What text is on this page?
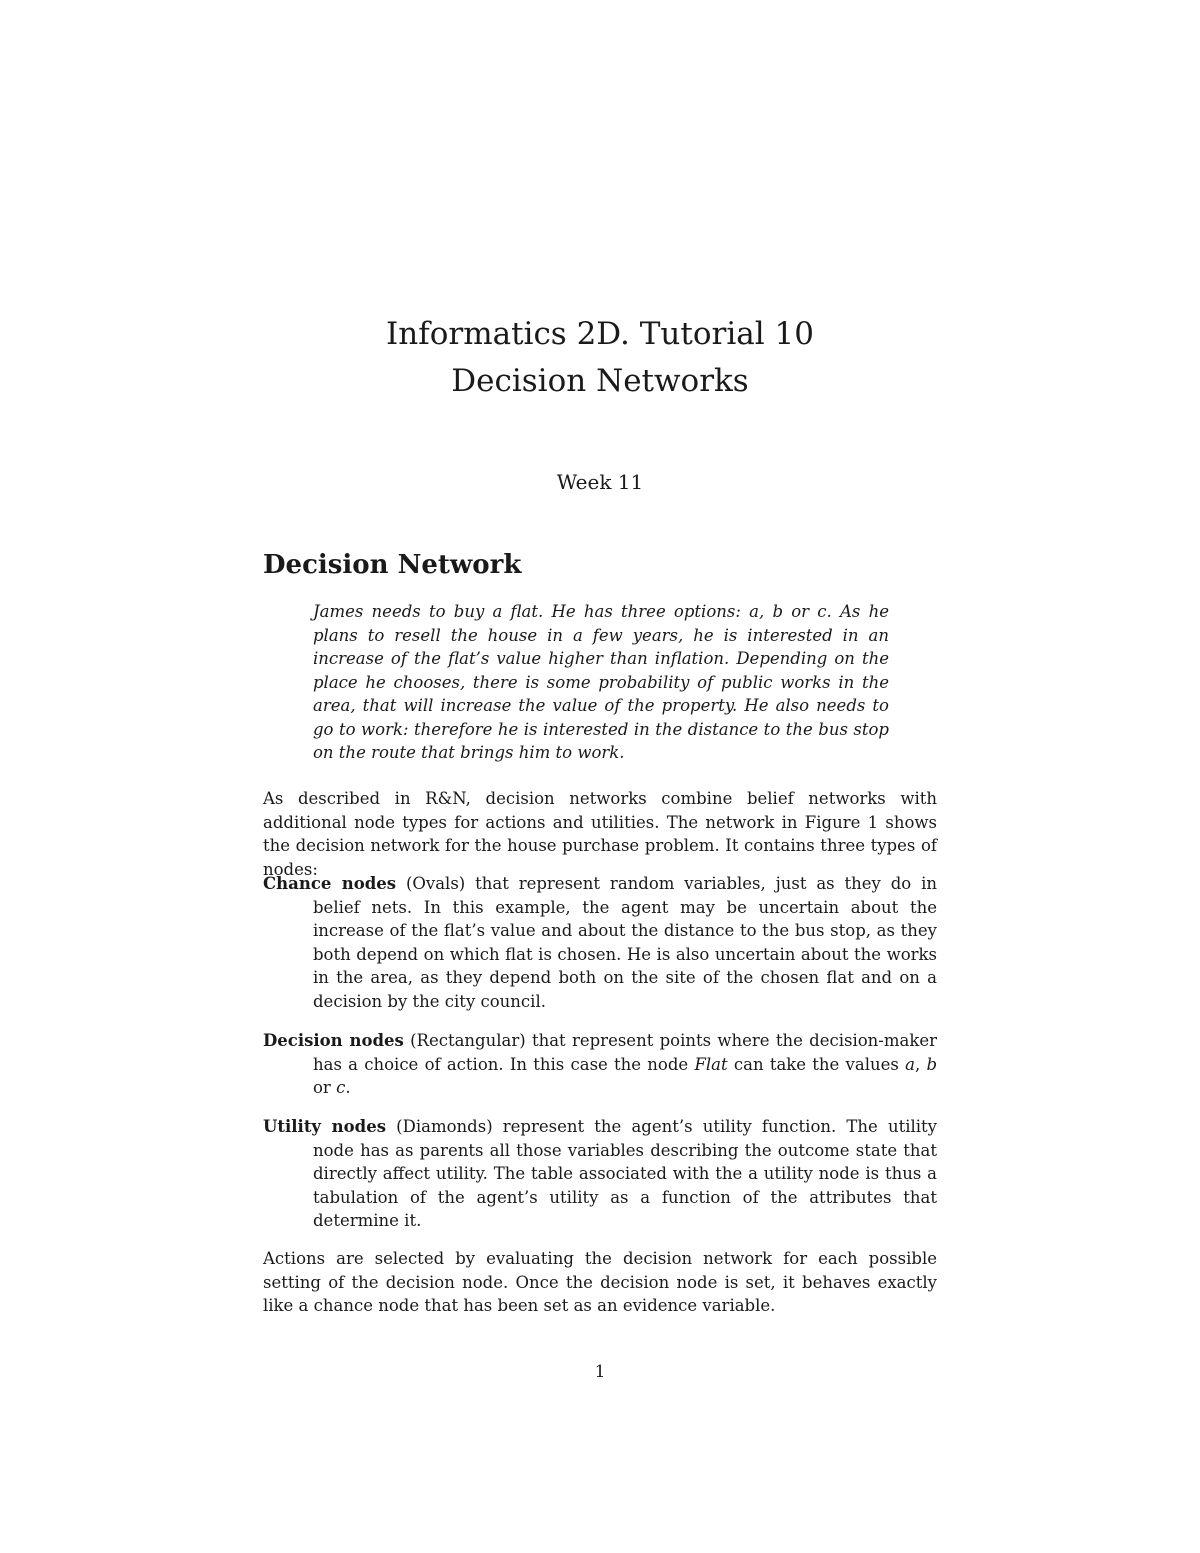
Informatics 2D. Tutorial 10
Decision Networks

Week 11

Decision Network

James needs to buy a flat. He has three options: a, b or c. As he plans to resell the house in a few years, he is interested in an increase of the flat’s value higher than inflation. Depending on the place he chooses, there is some probability of public works in the area, that will increase the value of the property. He also needs to go to work: therefore he is interested in the distance to the bus stop on the route that brings him to work.

As described in R&N, decision networks combine belief networks with additional node types for actions and utilities. The network in Figure 1 shows the decision network for the house purchase problem. It contains three types of nodes:

Chance nodes (Ovals) that represent random variables, just as they do in belief nets. In this example, the agent may be uncertain about the increase of the flat’s value and about the distance to the bus stop, as they both depend on which flat is chosen. He is also uncertain about the works in the area, as they depend both on the site of the chosen flat and on a decision by the city council.

Decision nodes (Rectangular) that represent points where the decision-maker has a choice of action. In this case the node Flat can take the values a, b or c.

Utility nodes (Diamonds) represent the agent’s utility function. The utility node has as parents all those variables describing the outcome state that directly affect utility. The table associated with the a utility node is thus a tabulation of the agent’s utility as a function of the attributes that determine it.

Actions are selected by evaluating the decision network for each possible setting of the decision node. Once the decision node is set, it behaves exactly like a chance node that has been set as an evidence variable.

1
